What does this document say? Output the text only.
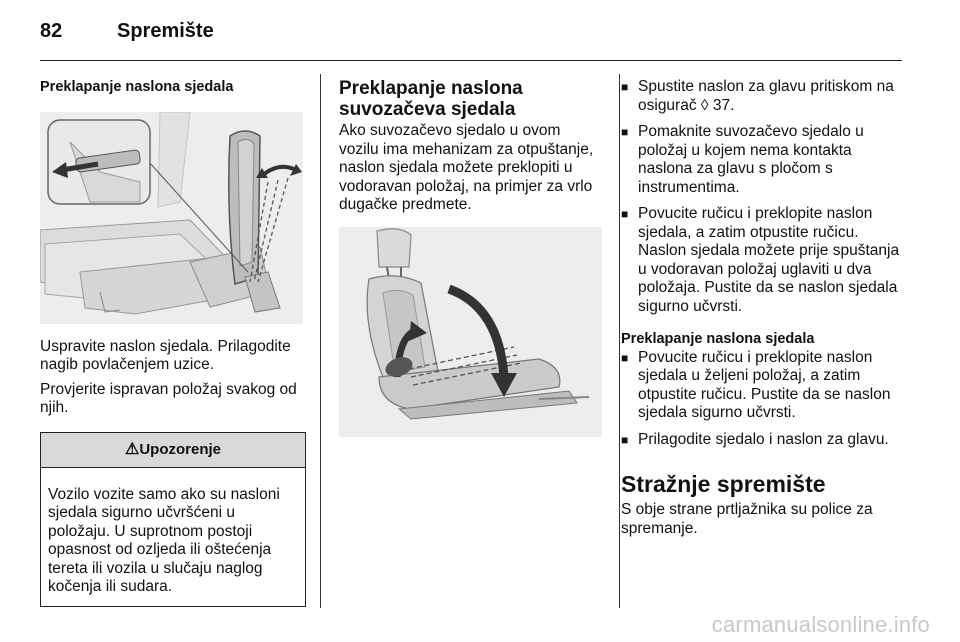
82	Spremište
Preklapanje naslona sjedala

Uspravite naslon sjedala. Prilagodite nagib povlačenjem uzice.

Provjerite ispravan položaj svakog od njih.

⚠Upozorenje
Vozilo vozite samo ako su nasloni sjedala sigurno učvršćeni u položaju. U suprotnom postoji opasnost od ozljeda ili oštećenja tereta ili vozila u slučaju naglog kočenja ili sudara.
Preklapanje naslona suvozačeva sjedala

Ako suvozačevo sjedalo u ovom vozilu ima mehanizam za otpuštanje, naslon sjedala možete preklopiti u vodoravan položaj, na primjer za vrlo dugačke predmete.

■ Spustite naslon za glavu pritiskom na osigurač ◊ 37.
■ Pomaknite suvozačevo sjedalo u položaj u kojem nema kontakta naslona za glavu s pločom s instrumentima.
■ Povucite ručicu i preklopite naslon sjedala, a zatim otpustite ručicu. Naslon sjedala možete prije spuštanja u vodoravan položaj uglaviti u dva položaja. Pustite da se naslon sjedala sigurno učvrsti.
Preklapanje naslona sjedala
■ Povucite ručicu i preklopite naslon sjedala u željeni položaj, a zatim otpustite ručicu. Pustite da se naslon sjedala sigurno učvrsti.
■ Prilagodite sjedalo i naslon za glavu.
Stražnje spremište

S obje strane prtljažnika su police za spremanje.

carmanualsonline.info
